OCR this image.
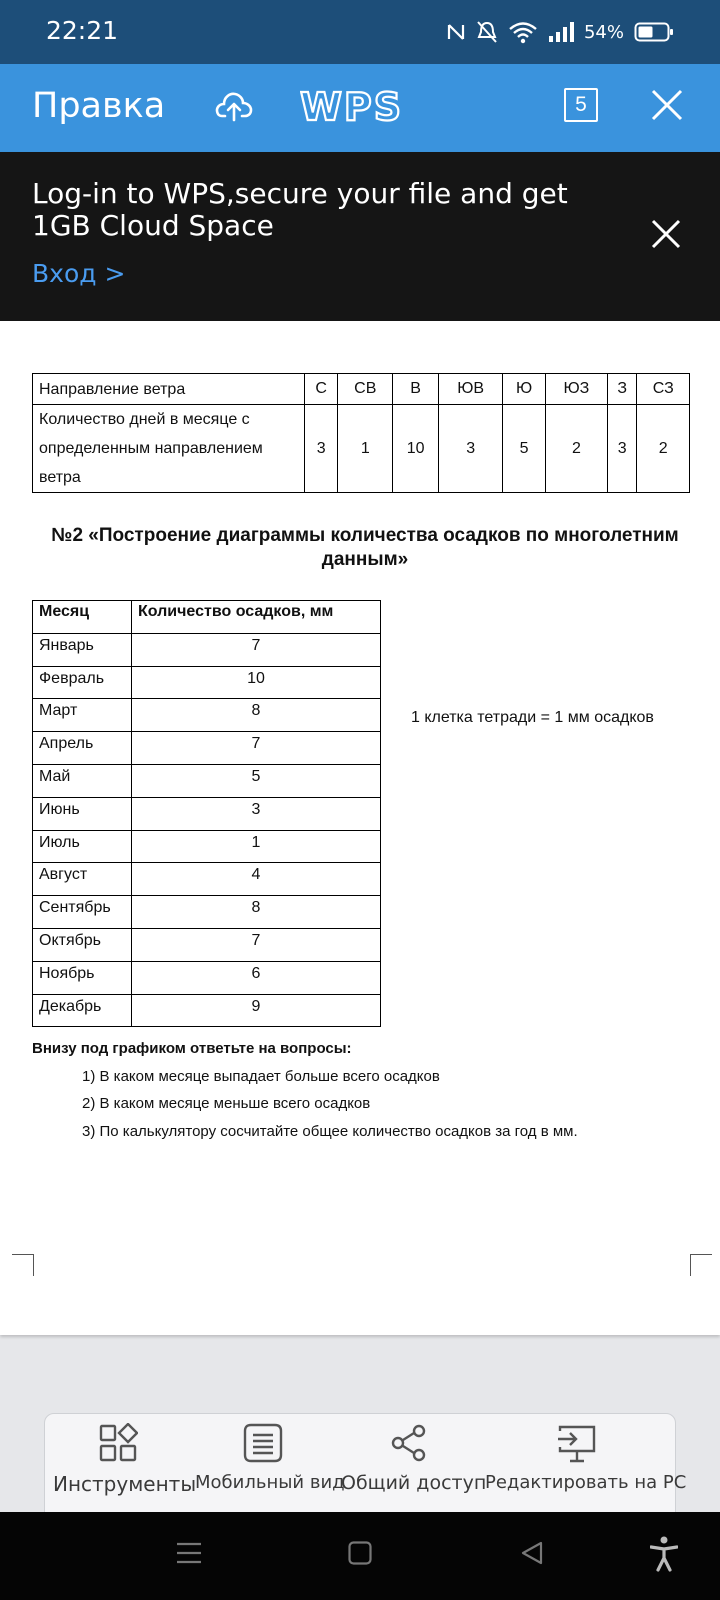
22:21	54%
Правка	WPS	5
Направление ветра	С	СВ	В	ЮВ	Ю	ЮЗ	З	СЗ
Количество дней в месяце с определенным направлением ветра	3	1	10	3	5	2	3	2
№2 «Построение диаграммы количества осадков по многолетним данным»
Месяц	Количество осадков, мм
Январь	7
Февраль	10
Март	8
Апрель	7
Май	5
Июнь	3
Июль	1
Август	4
Сентябрь	8
Октябрь	7
Ноябрь	6
Декабрь	9
1 клетка тетради = 1 мм осадков
Внизу под графиком ответьте на вопросы:
1) В каком месяце выпадает больше всего осадков
2) В каком месяце меньше всего осадков
3) По калькулятору сосчитайте общее количество осадков за год в мм.
Log-in to WPS,secure your file and get 1GB Cloud Space
Вход >
Инструменты
Мобильный вид
Общий доступ
Редактировать на PC
